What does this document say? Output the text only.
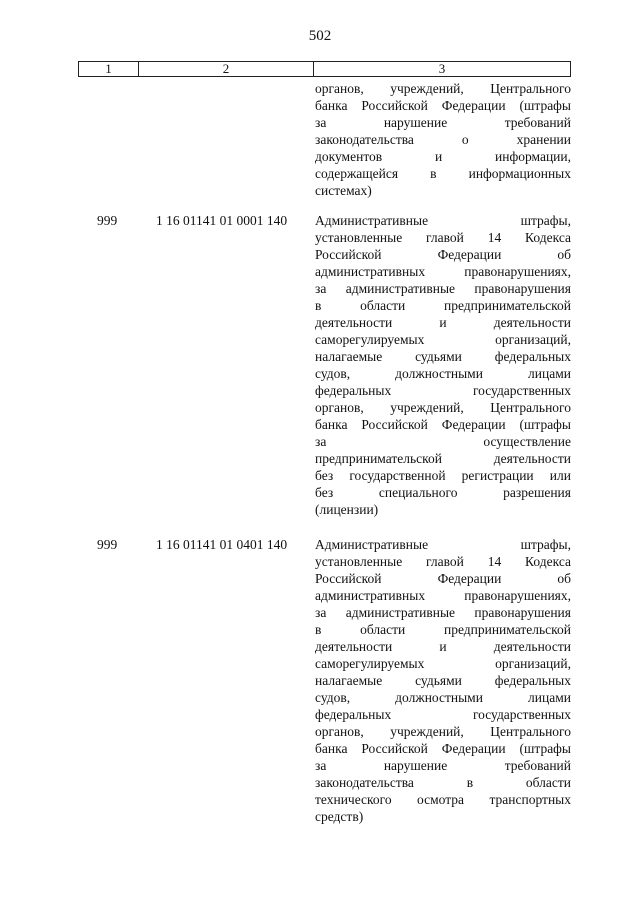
502
1	2	3
органов, учреждений, Центрального
банка Российской Федерации (штрафы
за нарушение требований
законодательства о хранении
документов и информации,
содержащейся в информационных
системах)
999	1 16 01141 01 0001 140 Административные штрафы,
установленные главой 14 Кодекса
Российской Федерации об
административных правонарушениях,
за административные правонарушения
в области предпринимательской
деятельности и деятельности
саморегулируемых организаций,
налагаемые судьями федеральных
судов, должностными лицами
федеральных государственных
органов, учреждений, Центрального
банка Российской Федерации (штрафы
за осуществление
предпринимательской деятельности
без государственной регистрации или
без специального разрешения
(лицензии)
999	1 16 01141 01 0401 140 Административные штрафы,
установленные главой 14 Кодекса
Российской Федерации об
административных правонарушениях,
за административные правонарушения
в области предпринимательской
деятельности и деятельности
саморегулируемых организаций,
налагаемые судьями федеральных
судов, должностными лицами
федеральных государственных
органов, учреждений, Центрального
банка Российской Федерации (штрафы
за нарушение требований
законодательства в области
технического осмотра транспортных
средств)
